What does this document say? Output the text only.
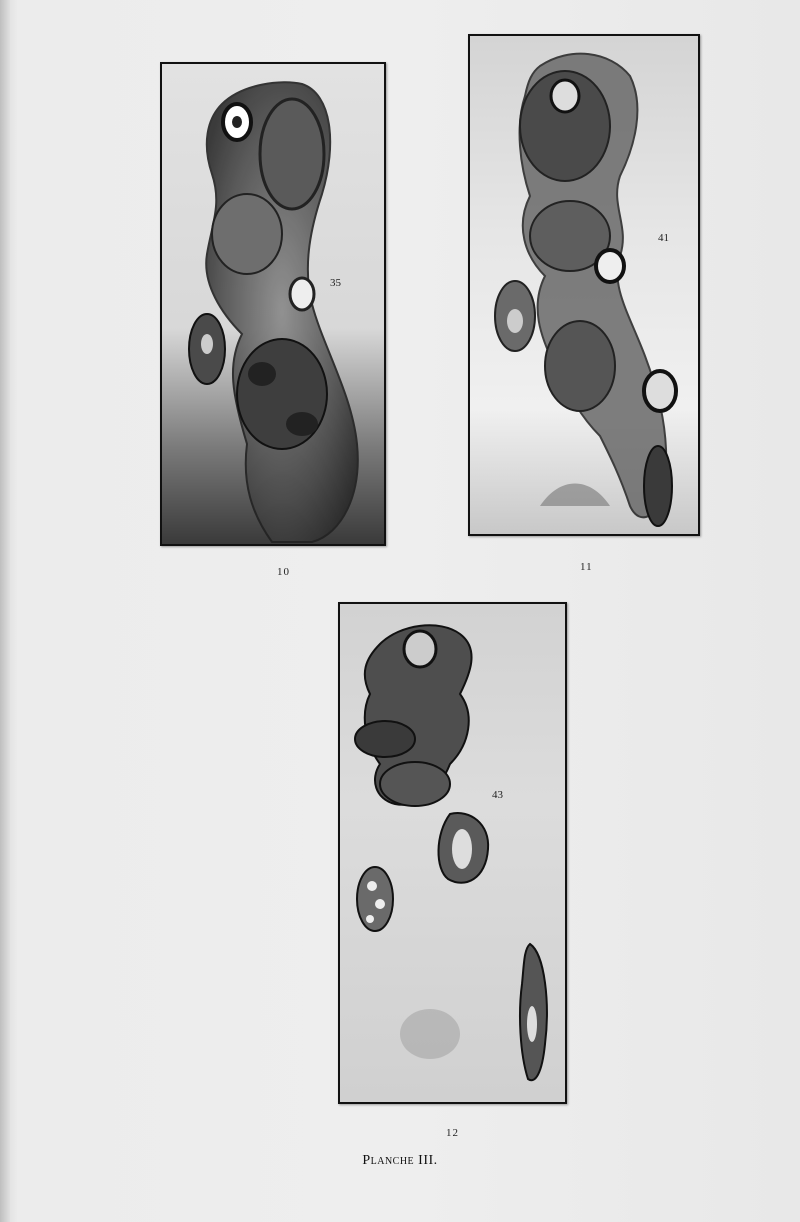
35
41
43
10	11
12
Planche III.
